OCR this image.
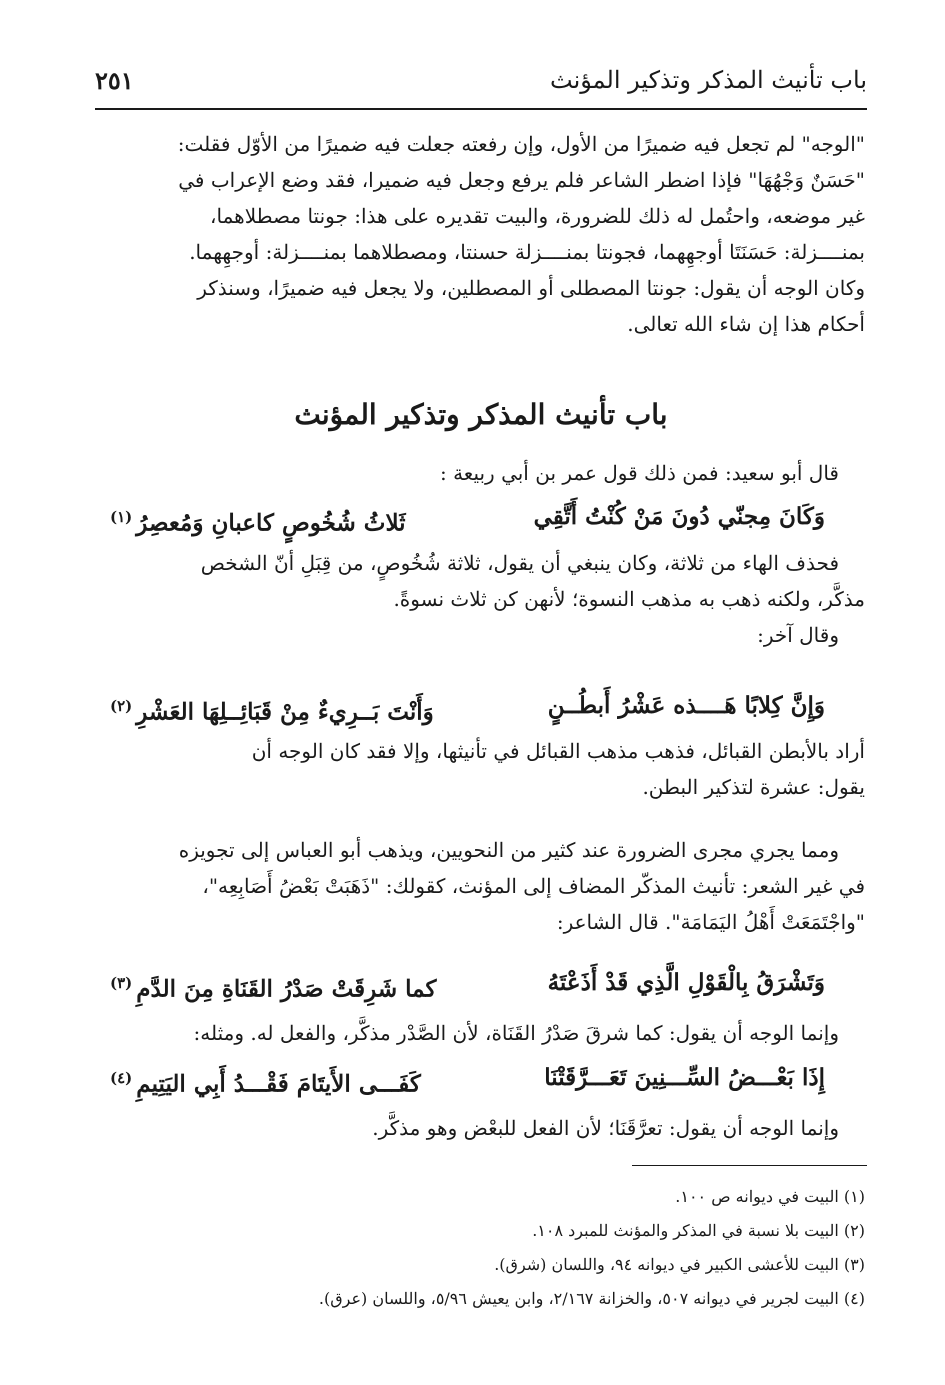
باب تأنيث المذكر وتذكير المؤنث
٢٥١

"الوجه" لم تجعل فيه ضميرًا من الأول، وإن رفعته جعلت فيه ضميرًا من الأوّل فقلت:

"حَسَنٌ وَجْهُهَا" فإذا اضطر الشاعر فلم يرفع وجعل فيه ضميرا، فقد وضع الإعراب في

غير موضعه، واحتُمل له ذلك للضرورة، والبيت تقديره على هذا: جونتا مصطلاهما،

بمنــــزلة: حَسَنَتَا أوجهِهما، فجونتا بمنــــزلة حسنتا، ومصطلاهما بمنــــزلة: أوجهِهما.

وكان الوجه أن يقول: جونتا المصطلى أو المصطلين، ولا يجعل فيه ضميرًا، وسنذكر

أحكام هذا إن شاء الله تعالى.

باب تأنيث المذكر وتذكير المؤنث

قال أبو سعيد: فمن ذلك قول عمر بن أبي ربيعة :

وَكَانَ مِجنّي دُونَ مَنْ كُنْتُ أَتَّقِي
ثَلاثُ شُخُوصٍ كاعبانِ وَمُعصِرُ$^{(١)}$

فحذف الهاء من ثلاثة، وكان ينبغي أن يقول، ثلاثة شُخُوصٍ، من قِبَلِ أنّ الشخص

مذكَّر، ولكنه ذهب به مذهب النسوة؛ لأنهن كن ثلاث نسوةً.

وقال آخر:

وَإِنَّ كِلابًا هَــــذه عَشْرُ أَبطُــنٍ
وَأَنْتَ بَــرِيءٌ مِنْ قَبَائِــلِهَا العَشْرِ$^{(٢)}$

أراد بالأبطن القبائل، فذهب مذهب القبائل في تأنيثها، وإلا فقد كان الوجه أن

يقول: عشرة لتذكير البطن.

ومما يجري مجرى الضرورة عند كثير من النحويين، ويذهب أبو العباس إلى تجويزه

في غير الشعر: تأنيث المذكّر المضاف إلى المؤنث، كقولك: "ذَهَبَتْ بَعْضُ أَصَابِعِه"،

"واجْتَمَعَتْ أَهْلُ اليَمَامَة". قال الشاعر:

وَتَشْرَقُ بِالْقَوْلِ الَّذِي قَدْ أَذَعْتَهُ
كما شَرِقَتْ صَدْرُ القَنَاةِ مِنَ الدَّمِ$^{(٣)}$

وإنما الوجه أن يقول: كما شرقَ صَدْرُ القَنَاة، لأن الصَّدْر مذكَّر، والفعل له. ومثله:

إِذَا بَعْـــضُ السِّـــنِينَ تَعَـــرَّقَتْنَا
كَفَـــى الأَيتَامَ فَقْـــدُ أَبِي اليَتِيمِ$^{(٤)}$

وإنما الوجه أن يقول: تعرَّقَنَا؛ لأن الفعل للبعْض وهو مذكَّر.

(١) البيت في ديوانه ص ١٠٠.

(٢) البيت بلا نسبة في المذكر والمؤنث للمبرد ١٠٨.

(٣) البيت للأعشى الكبير في ديوانه ٩٤، واللسان (شرق).

(٤) البيت لجرير في ديوانه ٥٠٧، والخزانة ٢/١٦٧، وابن يعيش ٥/٩٦، واللسان (عرق).
